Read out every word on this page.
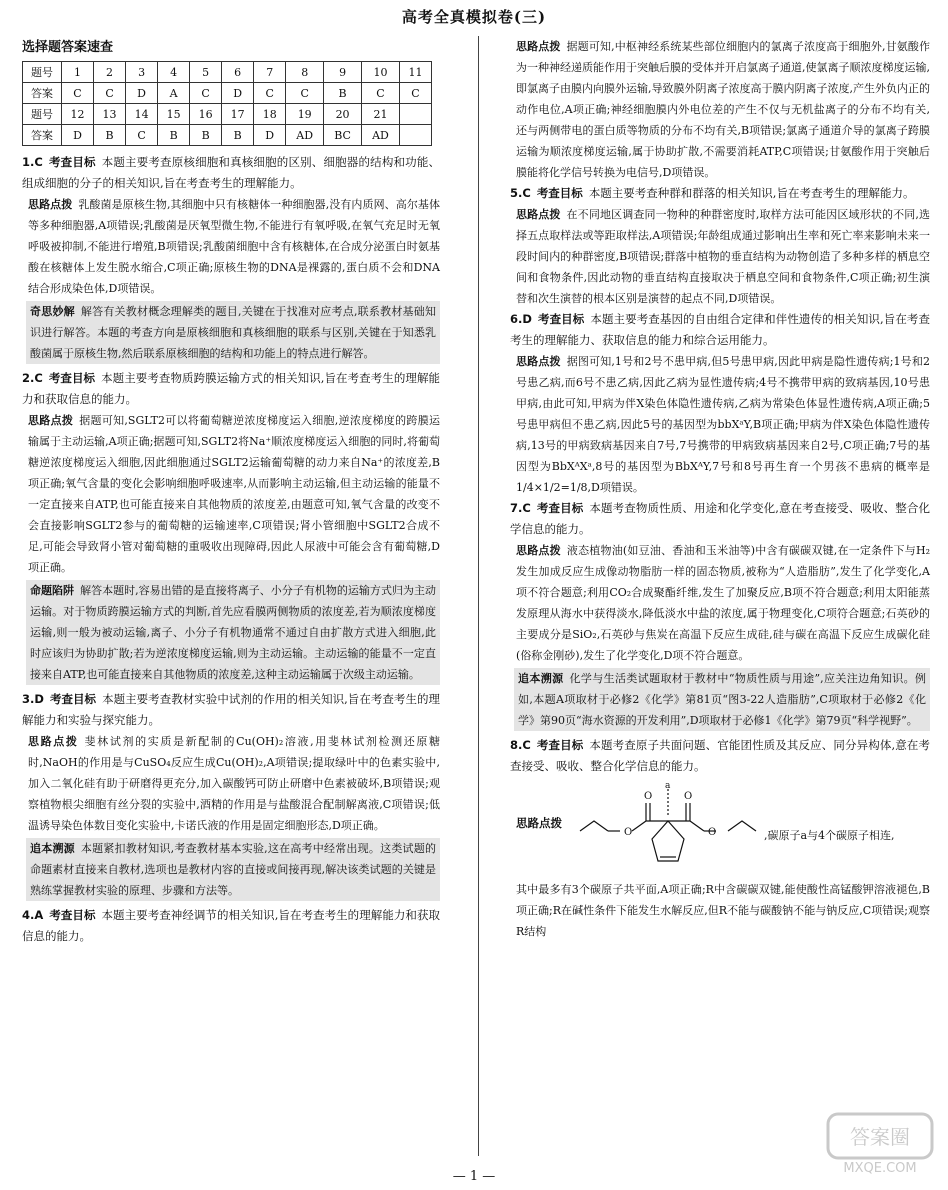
高考全真模拟卷(三)
选择题答案速查
题号	1	2	3	4	5	6	7	8	9	10	11
答案	C	C	D	A	C	D	C	C	B	C	C
题号	12	13	14	15	16	17	18	19	20	21	
答案	D	B	C	B	B	B	D	AD	BC	AD	

1.C 考查目标 本题主要考查原核细胞和真核细胞的区别、细胞器的结构和功能、组成细胞的分子的相关知识,旨在考查考生的理解能力。

思路点拨 乳酸菌是原核生物,其细胞中只有核糖体一种细胞器,没有内质网、高尔基体等多种细胞器,A项错误;乳酸菌是厌氧型微生物,不能进行有氧呼吸,在氧气充足时无氧呼吸被抑制,不能进行增殖,B项错误;乳酸菌细胞中含有核糖体,在合成分泌蛋白时氨基酸在核糖体上发生脱水缩合,C项正确;原核生物的DNA是裸露的,蛋白质不会和DNA结合形成染色体,D项错误。

奇思妙解 解答有关教材概念理解类的题目,关键在于找准对应考点,联系教材基础知识进行解答。本题的考查方向是原核细胞和真核细胞的联系与区别,关键在于知悉乳酸菌属于原核生物,然后联系原核细胞的结构和功能上的特点进行解答。

2.C 考查目标 本题主要考查物质跨膜运输方式的相关知识,旨在考查考生的理解能力和获取信息的能力。

思路点拨 据题可知,SGLT2可以将葡萄糖逆浓度梯度运入细胞,逆浓度梯度的跨膜运输属于主动运输,A项正确;据题可知,SGLT2将Na⁺顺浓度梯度运入细胞的同时,将葡萄糖逆浓度梯度运入细胞,因此细胞通过SGLT2运输葡萄糖的动力来自Na⁺的浓度差,B项正确;氧气含量的变化会影响细胞呼吸速率,从而影响主动运输,但主动运输的能量不一定直接来自ATP,也可能直接来自其他物质的浓度差,由题意可知,氧气含量的改变不会直接影响SGLT2参与的葡萄糖的运输速率,C项错误;肾小管细胞中SGLT2合成不足,可能会导致肾小管对葡萄糖的重吸收出现障碍,因此人尿液中可能会含有葡萄糖,D项正确。

命题陷阱 解答本题时,容易出错的是直接将离子、小分子有机物的运输方式归为主动运输。对于物质跨膜运输方式的判断,首先应看膜两侧物质的浓度差,若为顺浓度梯度运输,则一般为被动运输,离子、小分子有机物通常不通过自由扩散方式进入细胞,此时应该归为协助扩散;若为逆浓度梯度运输,则为主动运输。主动运输的能量不一定直接来自ATP,也可能直接来自其他物质的浓度差,这种主动运输属于次级主动运输。

3.D 考查目标 本题主要考查教材实验中试剂的作用的相关知识,旨在考查考生的理解能力和实验与探究能力。

思路点拨 斐林试剂的实质是新配制的Cu(OH)₂溶液,用斐林试剂检测还原糖时,NaOH的作用是与CuSO₄反应生成Cu(OH)₂,A项错误;提取绿叶中的色素实验中,加入二氧化硅有助于研磨得更充分,加入碳酸钙可防止研磨中色素被破坏,B项错误;观察植物根尖细胞有丝分裂的实验中,酒精的作用是与盐酸混合配制解离液,C项错误;低温诱导染色体数目变化实验中,卡诺氏液的作用是固定细胞形态,D项正确。

追本溯源 本题紧扣教材知识,考查教材基本实验,这在高考中经常出现。这类试题的命题素材直接来自教材,选项也是教材内容的直接或间接再现,解决该类试题的关键是熟练掌握教材实验的原理、步骤和方法等。

4.A 考查目标 本题主要考查神经调节的相关知识,旨在考查考生的理解能力和获取信息的能力。

思路点拨 据题可知,中枢神经系统某些部位细胞内的氯离子浓度高于细胞外,甘氨酸作为一种神经递质能作用于突触后膜的受体并开启氯离子通道,使氯离子顺浓度梯度运输,即氯离子由膜内向膜外运输,导致膜外阴离子浓度高于膜内阴离子浓度,产生外负内正的动作电位,A项正确;神经细胞膜内外电位差的产生不仅与无机盐离子的分布不均有关,还与两侧带电的蛋白质等物质的分布不均有关,B项错误;氯离子通道介导的氯离子跨膜运输为顺浓度梯度运输,属于协助扩散,不需要消耗ATP,C项错误;甘氨酸作用于突触后膜能将化学信号转换为电信号,D项错误。

5.C 考查目标 本题主要考查种群和群落的相关知识,旨在考查考生的理解能力。

思路点拨 在不同地区调查同一物种的种群密度时,取样方法可能因区域形状的不同,选择五点取样法或等距取样法,A项错误;年龄组成通过影响出生率和死亡率来影响未来一段时间内的种群密度,B项错误;群落中植物的垂直结构为动物创造了多种多样的栖息空间和食物条件,因此动物的垂直结构直接取决于栖息空间和食物条件,C项正确;初生演替和次生演替的根本区别是演替的起点不同,D项错误。

6.D 考查目标 本题主要考查基因的自由组合定律和伴性遗传的相关知识,旨在考查考生的理解能力、获取信息的能力和综合运用能力。

思路点拨 据图可知,1号和2号不患甲病,但5号患甲病,因此甲病是隐性遗传病;1号和2号患乙病,而6号不患乙病,因此乙病为显性遗传病;4号不携带甲病的致病基因,10号患甲病,由此可知,甲病为伴X染色体隐性遗传病,乙病为常染色体显性遗传病,A项正确;5号患甲病但不患乙病,因此5号的基因型为bbXᵃY,B项正确;甲病为伴X染色体隐性遗传病,13号的甲病致病基因来自7号,7号携带的甲病致病基因来自2号,C项正确;7号的基因型为BbXᴬXᵃ,8号的基因型为BbXᴬY,7号和8号再生育一个男孩不患病的概率是1/4×1/2=1/8,D项错误。

7.C 考查目标 本题考查物质性质、用途和化学变化,意在考查接受、吸收、整合化学信息的能力。

思路点拨 液态植物油(如豆油、香油和玉米油等)中含有碳碳双键,在一定条件下与H₂发生加成反应生成像动物脂肪一样的固态物质,被称为“人造脂肪”,发生了化学变化,A项不符合题意;利用CO₂合成聚酯纤维,发生了加聚反应,B项不符合题意;利用太阳能蒸发原理从海水中获得淡水,降低淡水中盐的浓度,属于物理变化,C项符合题意;石英砂的主要成分是SiO₂,石英砂与焦炭在高温下反应生成硅,硅与碳在高温下反应生成碳化硅(俗称金刚砂),发生了化学变化,D项不符合题意。

追本溯源 化学与生活类试题取材于教材中“物质性质与用途”,应关注边角知识。例如,本题A项取材于必修2《化学》第81页“图3-22人造脂肪”,C项取材于必修2《化学》第90页“海水资源的开发利用”,D项取材于必修1《化学》第79页“科学视野”。

8.C 考查目标 本题考查原子共面问题、官能团性质及其反应、同分异构体,意在考查接受、吸收、整合化学信息的能力。

思路点拨
O	O
O	O
a
,碳原子a与4个碳原子相连,

其中最多有3个碳原子共平面,A项正确;R中含碳碳双键,能使酸性高锰酸钾溶液褪色,B项正确;R在碱性条件下能发生水解反应,但R不能与碳酸钠不能与钠反应,C项错误;观察R结构

— 1 —
答案圈
MXQE.COM
